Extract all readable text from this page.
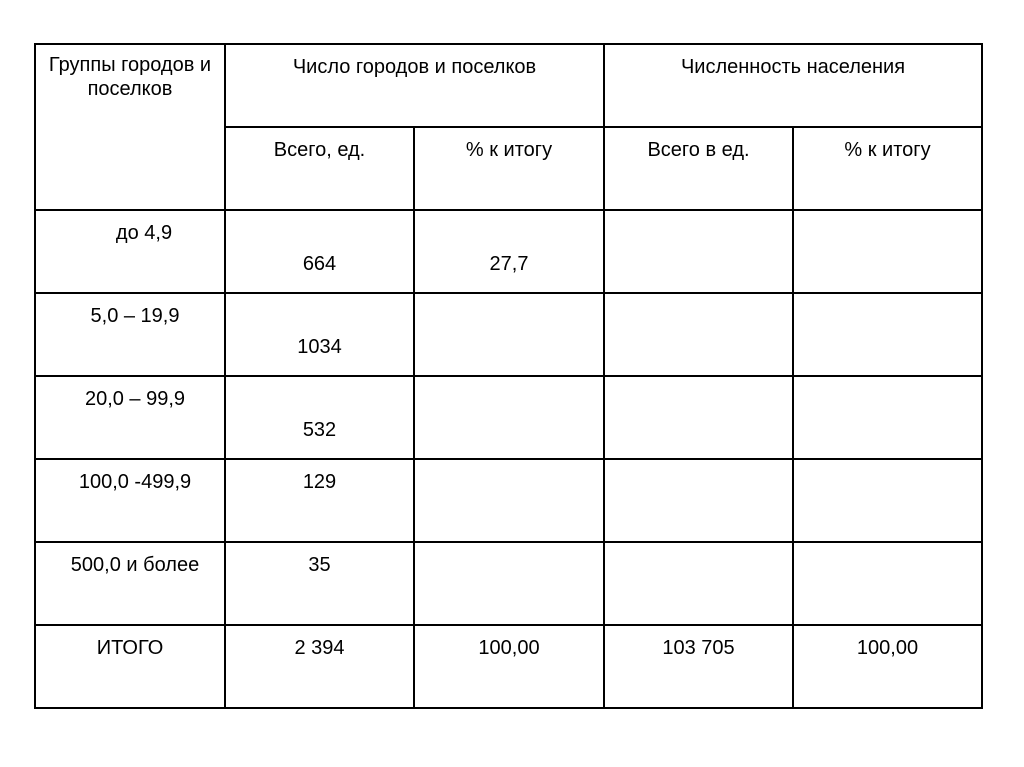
Группы городов и поселков	Число городов и поселков		Численность населения	

	Всего, ед.	% к итогу	Всего в ед.	% к итогу

до 4,9	664	27,7		

5,0 – 19,9	1034			

20,0 – 99,9	532			

100,0 -499,9	129			

500,0 и более	35			

ИТОГО	2 394	100,00	103 705	100,00
